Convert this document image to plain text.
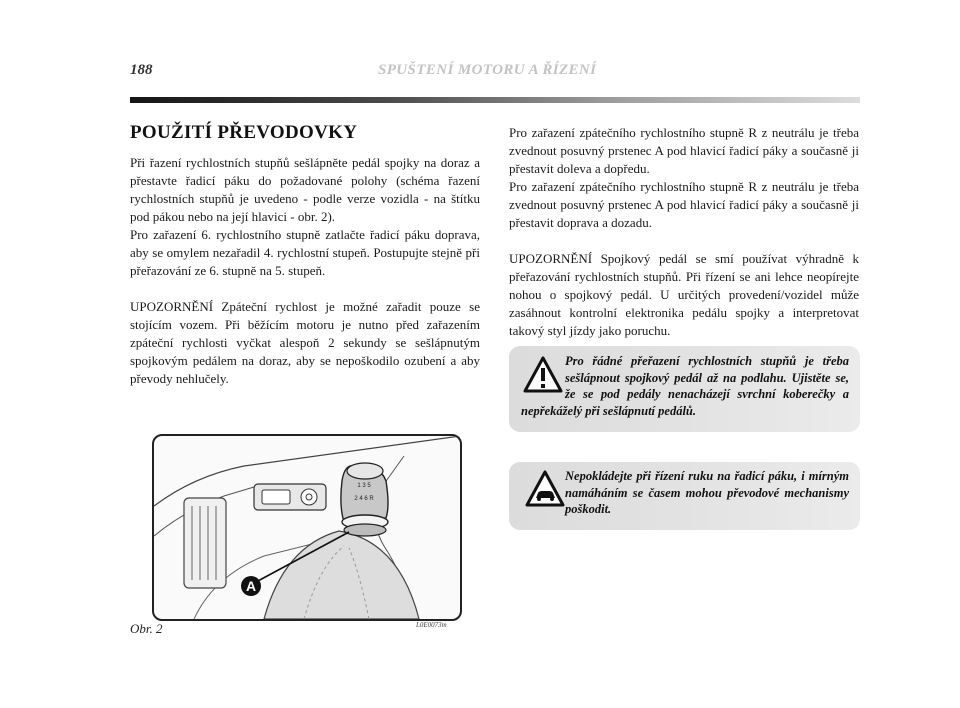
188	SPUŠTENÍ MOTORU A ŘÍZENÍ
POUŽITÍ PŘEVODOVKY

Při řazení rychlostních stupňů sešlápněte pedál spojky na doraz a přestavte řadicí páku do požadované polohy (schéma řazení rychlostních stupňů je uvedeno - podle verze vozidla - na štítku pod pákou nebo na její hlavici - obr. 2).

Pro zařazení 6. rychlostního stupně zatlačte řadicí páku doprava, aby se omylem nezařadil 4. rychlostní stupeň. Postupujte stejně při přeřazování ze 6. stupně na 5. stupeň.

UPOZORNĚNÍ Zpáteční rychlost je možné zařadit pouze se stojícím vozem. Při běžícím motoru je nutno před zařazením zpáteční rychlosti vyčkat alespoň 2 sekundy se sešlápnutým spojkovým pedálem na doraz, aby se nepoškodilo ozubení a aby převody nehlučely.

Pro zařazení zpátečního rychlostního stupně R z neutrálu je třeba zvednout posuvný prstenec A pod hlavicí řadicí páky a současně ji přestavit doleva a dopředu.

Pro zařazení zpátečního rychlostního stupně R z neutrálu je třeba zvednout posuvný prstenec A pod hlavicí řadicí páky a současně ji přestavit doprava a dozadu.

UPOZORNĚNÍ Spojkový pedál se smí používat výhradně k přeřazování rychlostních stupňů. Při řízení se ani lehce neopírejte nohou o spojkový pedál. U určitých provedení/vozidel může zasáhnout kontrolní elektronika pedálu spojky a interpretovat takový styl jízdy jako poruchu.

1 3 5
2 4 6 R
A
Obr. 2	L0E0073m

Pro řádné přeřazení rychlostních stupňů je třeba sešlápnout spojkový pedál až na podlahu. Ujistěte se, že se pod pedály nenacházejí svrchní koberečky a nepřekáželý při sešlápnutí pedálů.

Nepokládejte při řízení ruku na řadicí páku, i mírným namáháním se časem mohou převodové mechanismy poškodit.
